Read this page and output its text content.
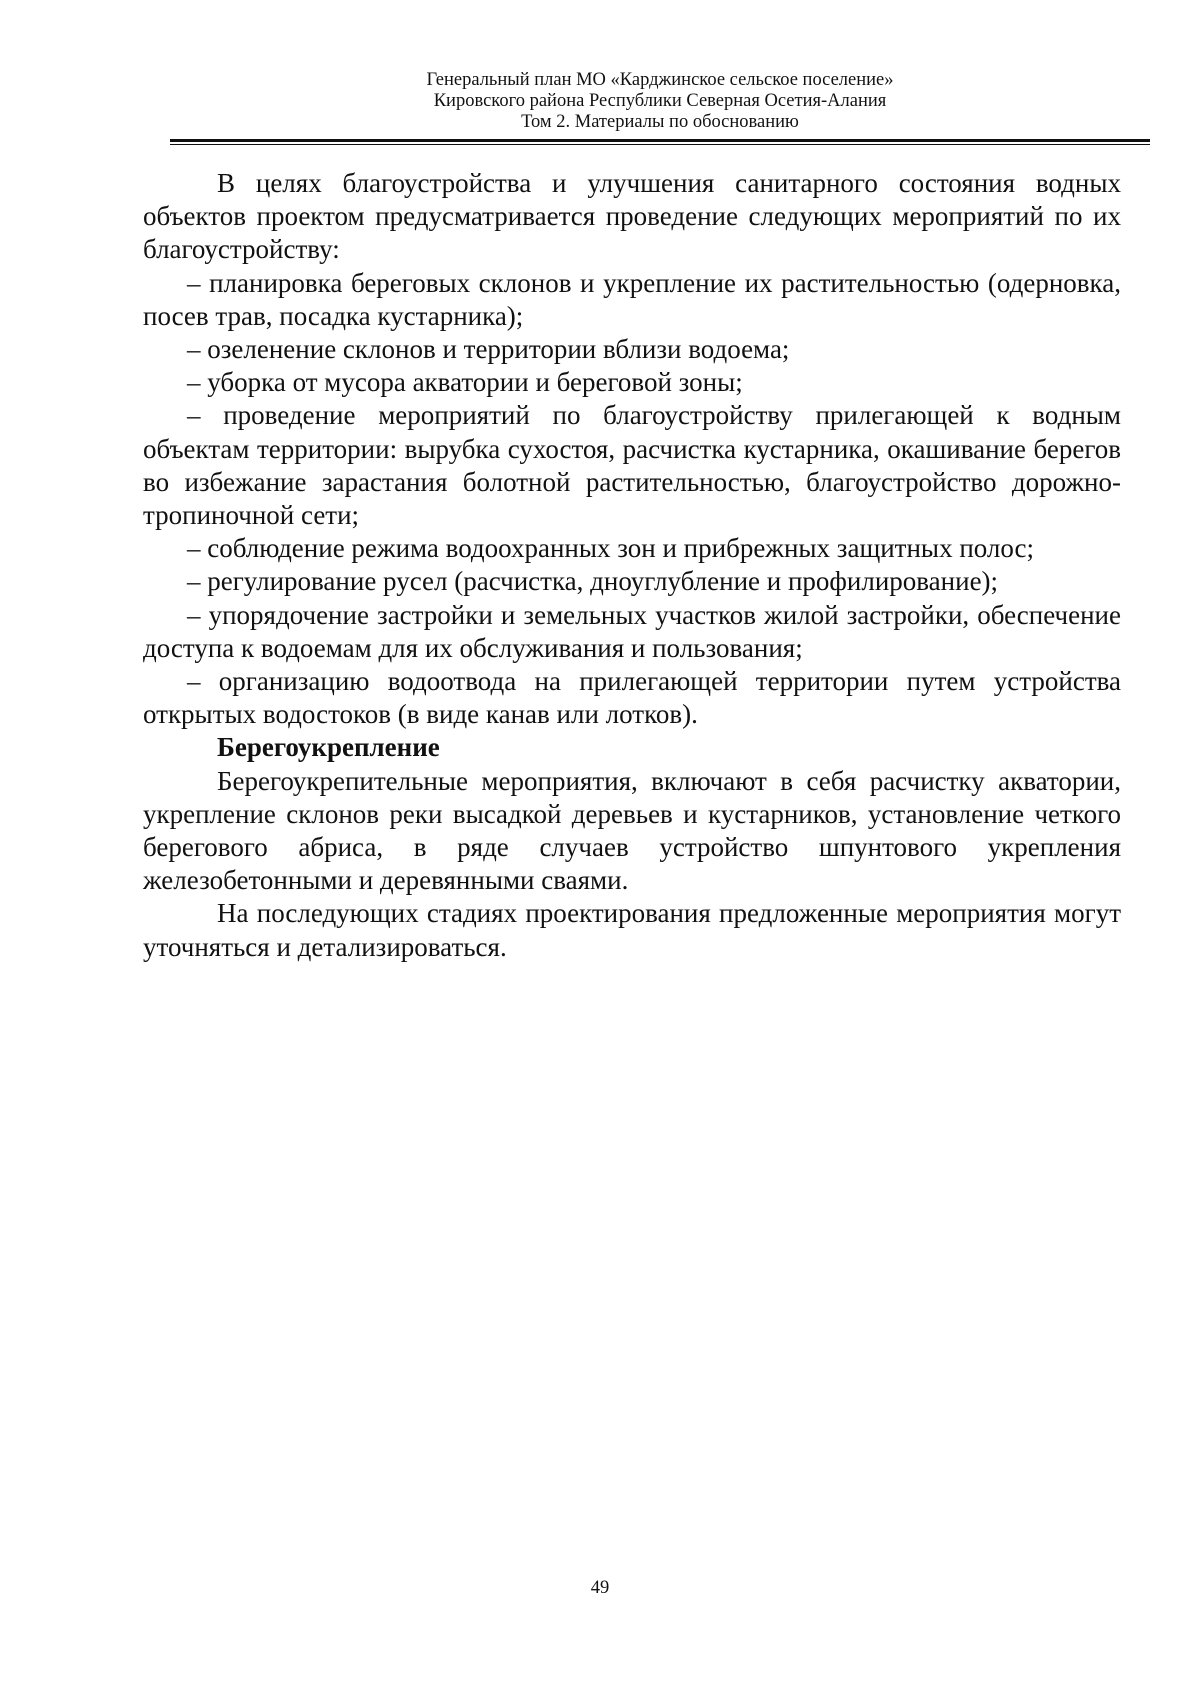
Генеральный план МО «Карджинское сельское поселение»
Кировского района Республики Северная Осетия-Алания
Том 2. Материалы по обоснованию

В целях благоустройства и улучшения санитарного состояния водных объектов проектом предусматривается проведение следующих мероприятий по их благоустройству:

– планировка береговых склонов и укрепление их растительностью (одерновка, посев трав, посадка кустарника);
– озеленение склонов и территории вблизи водоема;
– уборка от мусора акватории и береговой зоны;
– проведение мероприятий по благоустройству прилегающей к водным объектам территории: вырубка сухостоя, расчистка кустарника, окашивание берегов во избежание зарастания болотной растительностью, благоустройство дорожно-тропиночной сети;
– соблюдение режима водоохранных зон и прибрежных защитных полос;
– регулирование русел (расчистка, дноуглубление и профилирование);
– упорядочение застройки и земельных участков жилой застройки, обеспечение доступа к водоемам для их обслуживания и пользования;
– организацию водоотвода на прилегающей территории путем устройства открытых водостоков (в виде канав или лотков).
Берегоукрепление

Берегоукрепительные мероприятия, включают в себя расчистку акватории, укрепление склонов реки высадкой деревьев и кустарников, установление четкого берегового абриса, в ряде случаев устройство шпунтового укрепления железобетонными и деревянными сваями.

На последующих стадиях проектирования предложенные мероприятия могут уточняться и детализироваться.

49
